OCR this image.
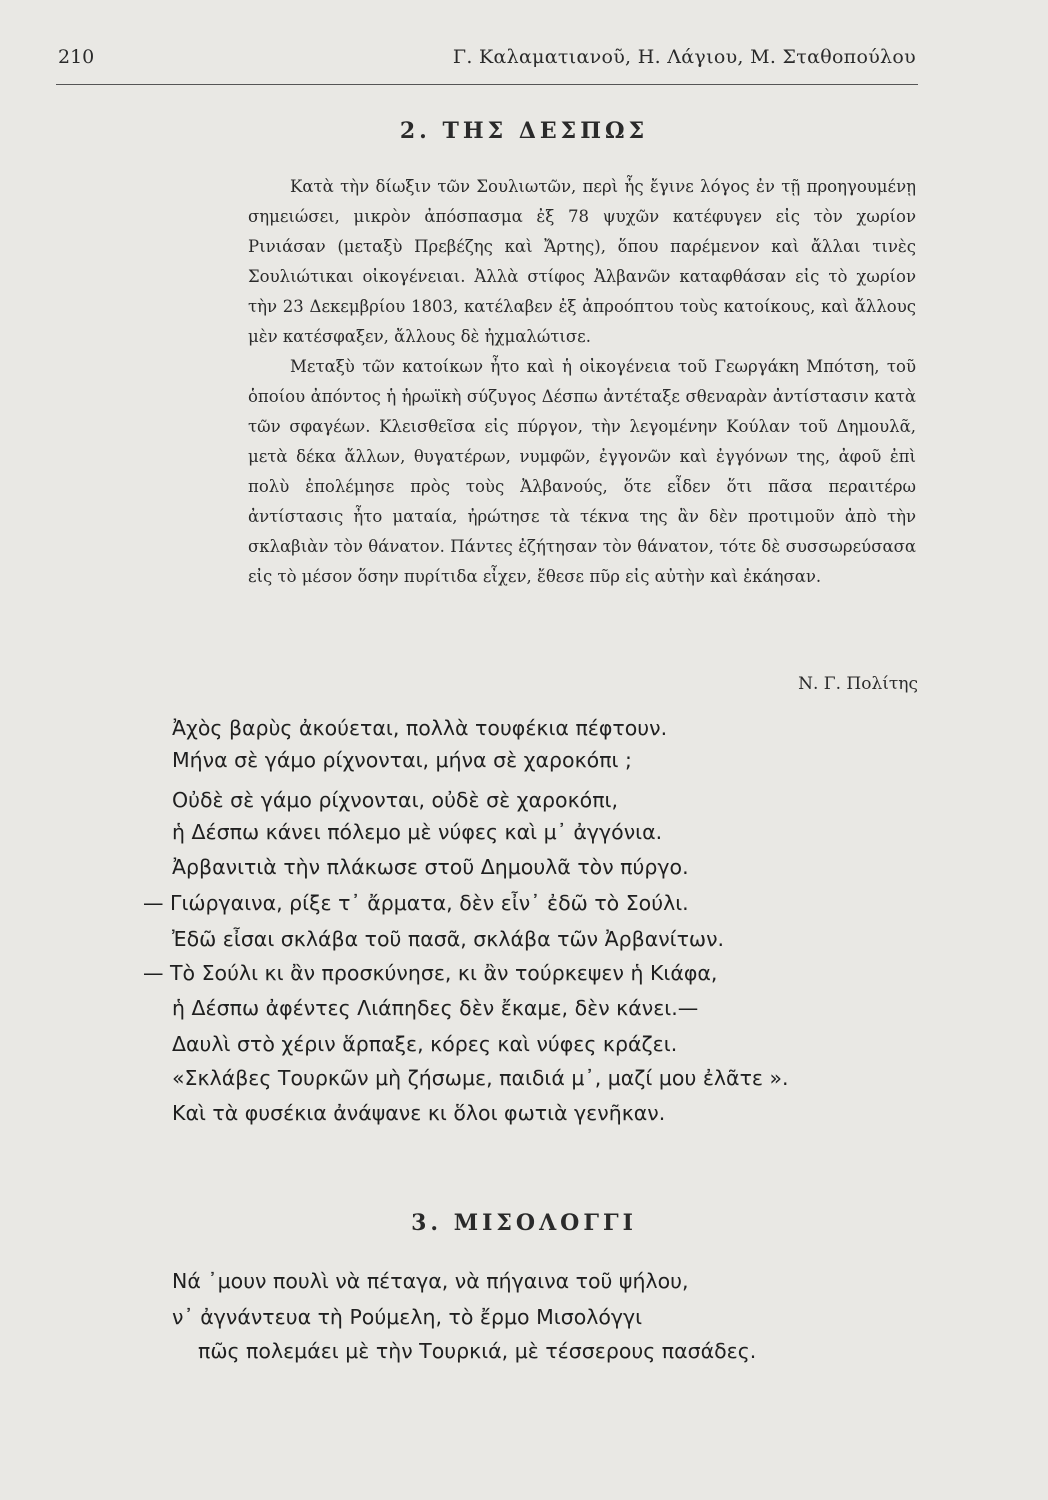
210	Γ. Καλαματιανοῦ, Η. Λάγιου, Μ. Σταθοπούλου
2. ΤΗΣ ΔΕΣΠΩΣ

Κατὰ τὴν δίωξιν τῶν Σουλιωτῶν, περὶ ἧς ἔγινε λόγος ἐν τῇ προηγουμένῃ σημειώσει, μικρὸν ἀπόσπασμα ἐξ 78 ψυχῶν κατέφυγεν εἰς τὸν χωρίον Ρινιάσαν (μεταξὺ Πρεβέζης καὶ Ἄρτης), ὅπου παρέμενον καὶ ἄλλαι τινὲς Σουλιώτικαι οἰκογένειαι. Ἀλλὰ στίφος Ἀλβανῶν καταφθάσαν εἰς τὸ χωρίον τὴν 23 Δεκεμβρίου 1803, κατέλαβεν ἐξ ἀπροόπτου τοὺς κατοίκους, καὶ ἄλλους μὲν κατέσφαξεν, ἄλλους δὲ ἠχμαλώτισε.

Μεταξὺ τῶν κατοίκων ἦτο καὶ ἡ οἰκογένεια τοῦ Γεωργάκη Μπότση, τοῦ ὁποίου ἀπόντος ἡ ἡρωϊκὴ σύζυγος Δέσπω ἀντέταξε σθεναρὰν ἀντίστασιν κατὰ τῶν σφαγέων. Κλεισθεῖσα εἰς πύργον, τὴν λεγομένην Κούλαν τοῦ Δημουλᾶ, μετὰ δέκα ἄλλων, θυγατέρων, νυμφῶν, ἐγγονῶν καὶ ἐγγόνων της, ἀφοῦ ἐπὶ πολὺ ἐπολέμησε πρὸς τοὺς Ἀλβανούς, ὅτε εἶδεν ὅτι πᾶσα περαιτέρω ἀντίστασις ἦτο ματαία, ἠρώτησε τὰ τέκνα της ἂν δὲν προτιμοῦν ἀπὸ τὴν σκλαβιὰν τὸν θάνατον. Πάντες ἐζήτησαν τὸν θάνατον, τότε δὲ συσσωρεύσασα εἰς τὸ μέσον ὅσην πυρίτιδα εἶχεν, ἔθεσε πῦρ εἰς αὐτὴν καὶ ἐκάησαν.

Ν. Γ. Πολίτης
Ἀχὸς βαρὺς ἀκούεται, πολλὰ τουφέκια πέφτουν.
Μήνα σὲ γάμο ρίχνονται, μήνα σὲ χαροκόπι ;
Οὐδὲ σὲ γάμο ρίχνονται, οὐδὲ σὲ χαροκόπι,
ἡ Δέσπω κάνει πόλεμο μὲ νύφες καὶ μ᾽ ἀγγόνια.
Ἀρβανιτιὰ τὴν πλάκωσε στοῦ Δημουλᾶ τὸν πύργο.
— Γιώργαινα, ρίξε τ᾽ ἄρματα, δὲν εἶν᾽ ἐδῶ τὸ Σούλι.
Ἐδῶ εἶσαι σκλάβα τοῦ πασᾶ, σκλάβα τῶν Ἀρβανίτων.
— Τὸ Σούλι κι ἂν προσκύνησε, κι ἂν τούρκεψεν ἡ Κιάφα,
ἡ Δέσπω ἀφέντες Λιάπηδες δὲν ἔκαμε, δὲν κάνει.—
Δαυλὶ στὸ χέριν ἅρπαξε, κόρες καὶ νύφες κράζει.
«Σκλάβες Τουρκῶν μὴ ζήσωμε, παιδιά μ᾽, μαζί μου ἐλᾶτε ».
Καὶ τὰ φυσέκια ἀνάψανε κι ὅλοι φωτιὰ γενῆκαν.
3. ΜΙΣΟΛΟΓΓΙ
Νά ᾽μουν πουλὶ νὰ πέταγα, νὰ πήγαινα τοῦ ψήλου,
ν᾽ ἀγνάντευα τὴ Ρούμελη, τὸ ἔρμο Μισολόγγι
πῶς πολεμάει μὲ τὴν Τουρκιά, μὲ τέσσερους πασάδες.
